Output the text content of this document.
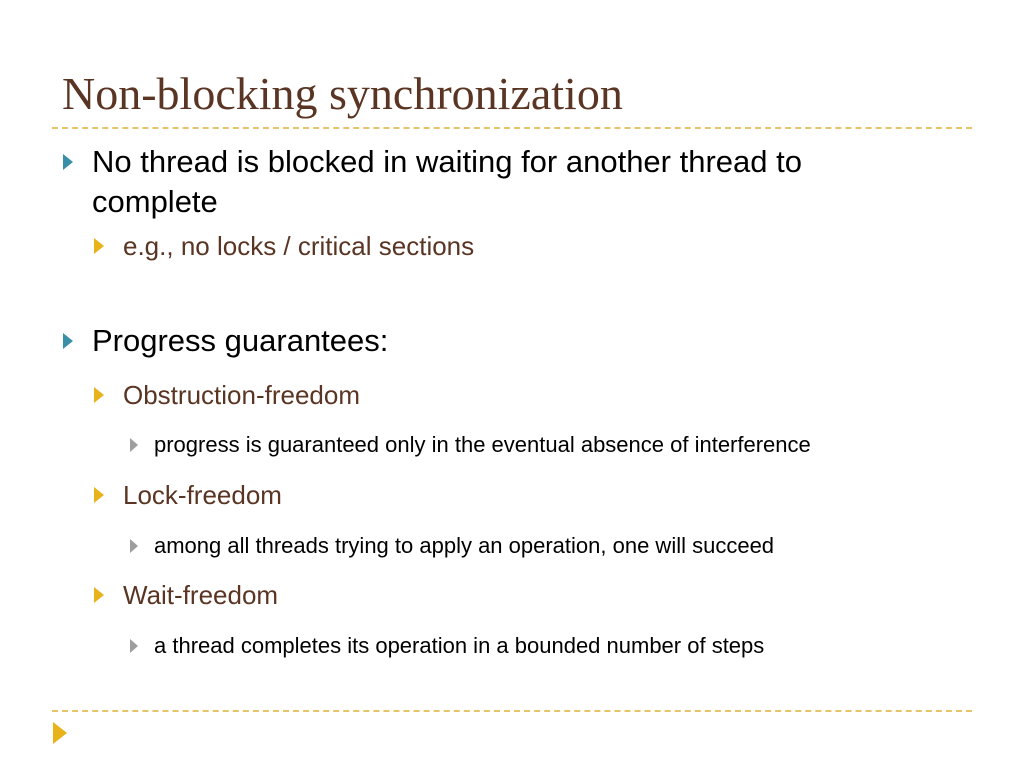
Non-blocking synchronization
No thread is blocked in waiting for another thread to
complete
e.g., no locks / critical sections
Progress guarantees:
Obstruction-freedom
progress is guaranteed only in the eventual absence of interference
Lock-freedom
among all threads trying to apply an operation, one will succeed
Wait-freedom
a thread completes its operation in a bounded number of steps
